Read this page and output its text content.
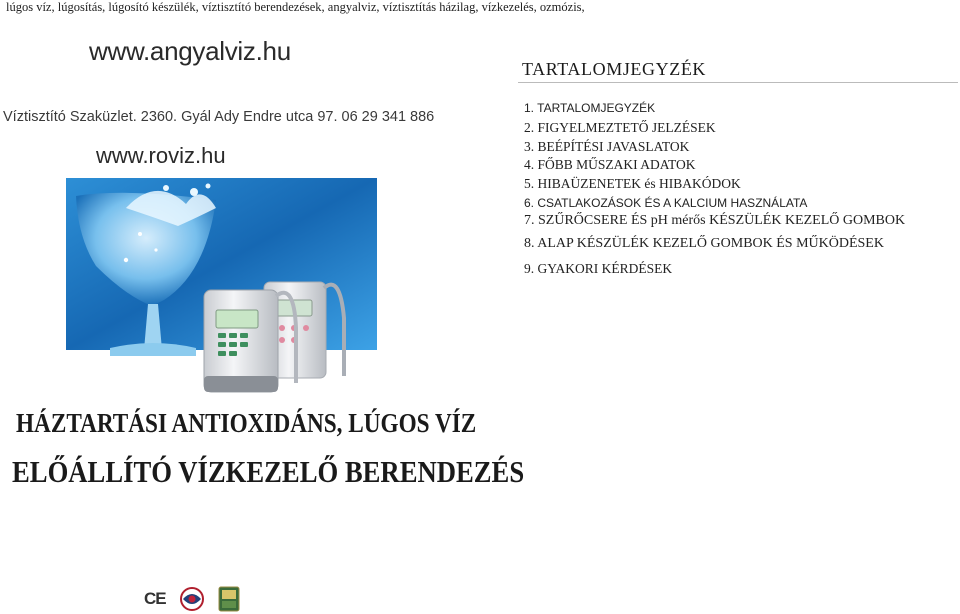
lúgos víz, lúgosítás, lúgosító készülék, víztisztító berendezések, angyalviz, víztisztítás házilag, vízkezelés, ozmózis,
www.angyalviz.hu
Víztisztító Szaküzlet. 2360. Gyál Ady Endre utca 97. 06 29 341 886
www.roviz.hu
TARTALOMJEGYZÉK
1. TARTALOMJEGYZÉK
2. FIGYELMEZTETŐ JELZÉSEK
3. BEÉPÍTÉSI JAVASLATOK
4. FŐBB MŰSZAKI ADATOK
5. HIBAÜZENETEK és HIBAKÓDOK
6. CSATLAKOZÁSOK ÉS A KALCIUM HASZNÁLATA
7. SZŰRŐCSERE ÉS pH mérős KÉSZÜLÉK KEZELŐ GOMBOK
8. ALAP KÉSZÜLÉK KEZELŐ GOMBOK ÉS MŰKÖDÉSEK
9. GYAKORI KÉRDÉSEK
HÁZTARTÁSI ANTIOXIDÁNS, LÚGOS VÍZ
ELŐÁLLÍTÓ VÍZKEZELŐ BERENDEZÉS
CE
